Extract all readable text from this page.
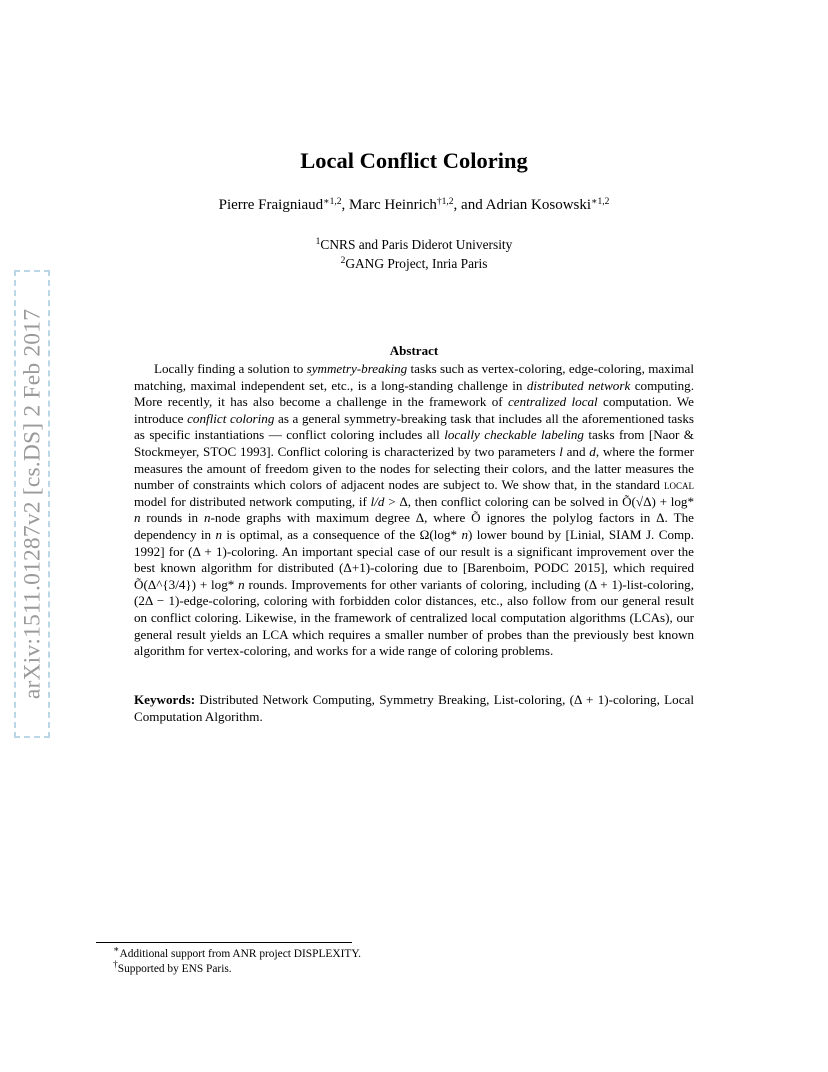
arXiv:1511.01287v2 [cs.DS] 2 Feb 2017
Local Conflict Coloring
Pierre Fraigniaud$^{∗1,2}$, Marc Heinrich$^{\dagger 1,2}$, and Adrian Kosowski$^{∗1,2}$
$^1$CNRS and Paris Diderot University
$^2$GANG Project, Inria Paris
Abstract

Locally finding a solution to symmetry-breaking tasks such as vertex-coloring, edge-coloring, maximal matching, maximal independent set, etc., is a long-standing challenge in distributed network computing. More recently, it has also become a challenge in the framework of centralized local computation. We introduce conflict coloring as a general symmetry-breaking task that includes all the aforementioned tasks as specific instantiations — conflict coloring includes all locally checkable labeling tasks from [Naor & Stockmeyer, STOC 1993]. Conflict coloring is characterized by two parameters l and d, where the former measures the amount of freedom given to the nodes for selecting their colors, and the latter measures the number of constraints which colors of adjacent nodes are subject to. We show that, in the standard local model for distributed network computing, if l/d > Δ, then conflict coloring can be solved in Õ(√Δ) + log* n rounds in n-node graphs with maximum degree Δ, where Õ ignores the polylog factors in Δ. The dependency in n is optimal, as a consequence of the Ω(log* n) lower bound by [Linial, SIAM J. Comp. 1992] for (Δ + 1)-coloring. An important special case of our result is a significant improvement over the best known algorithm for distributed (Δ+1)-coloring due to [Barenboim, PODC 2015], which required Õ(Δ^{3/4}) + log* n rounds. Improvements for other variants of coloring, including (Δ + 1)-list-coloring, (2Δ − 1)-edge-coloring, coloring with forbidden color distances, etc., also follow from our general result on conflict coloring. Likewise, in the framework of centralized local computation algorithms (LCAs), our general result yields an LCA which requires a smaller number of probes than the previously best known algorithm for vertex-coloring, and works for a wide range of coloring problems.

Keywords: Distributed Network Computing, Symmetry Breaking, List-coloring, (Δ + 1)-coloring, Local Computation Algorithm.

∗Additional support from ANR project DISPLEXITY.
†Supported by ENS Paris.
